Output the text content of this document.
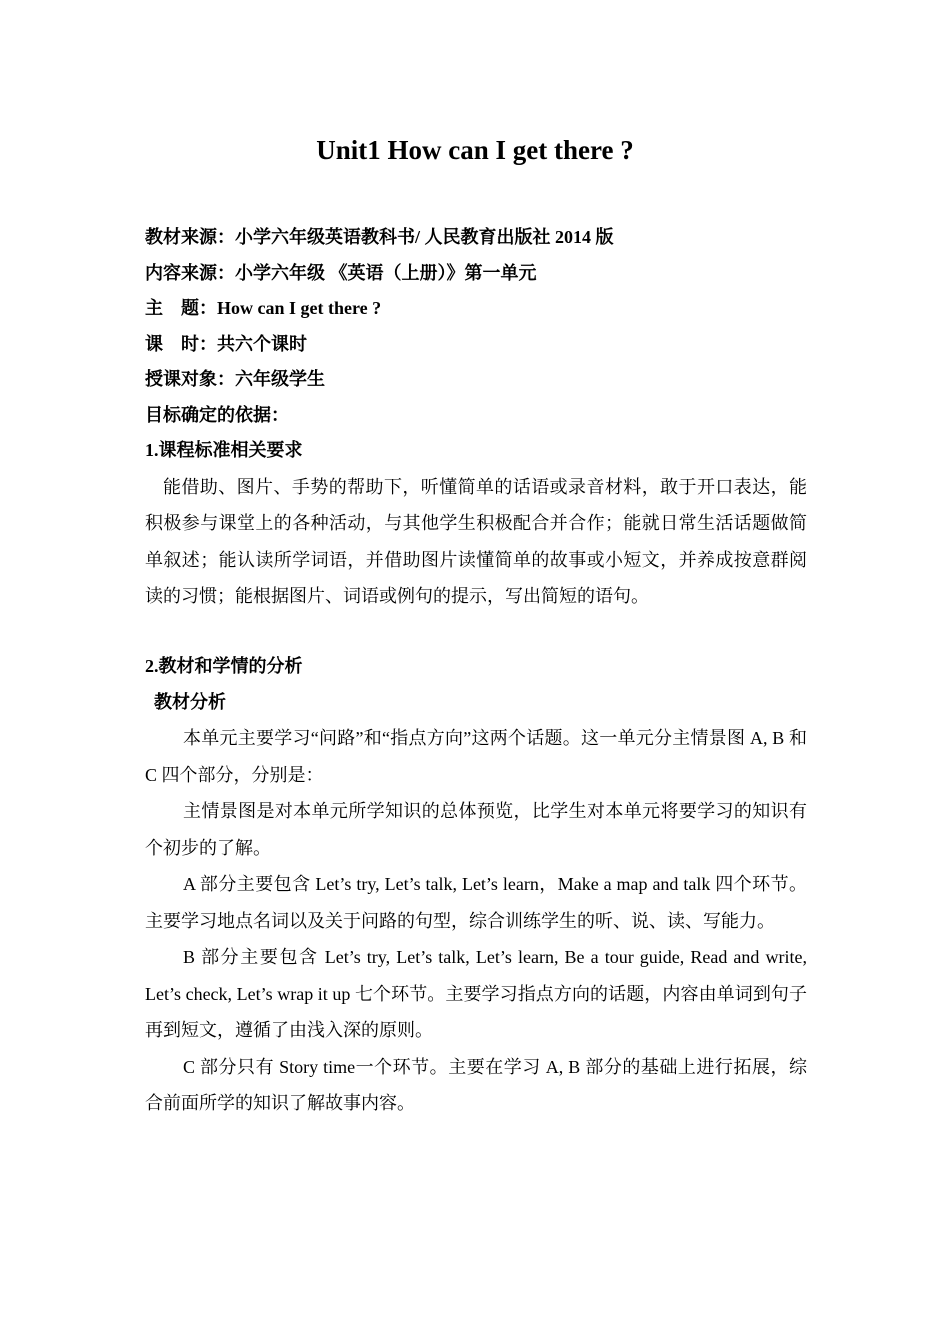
Unit1 How can I get there ?
教材来源：小学六年级英语教科书/ 人民教育出版社 2014 版
内容来源：小学六年级 《英语（上册）》第一单元
主　题：How can I get there ?
课　时：共六个课时
授课对象：六年级学生
目标确定的依据：
1.课程标准相关要求

能借助、图片、手势的帮助下，听懂简单的话语或录音材料，敢于开口表达，能积极参与课堂上的各种活动，与其他学生积极配合并合作；能就日常生活话题做简单叙述；能认读所学词语，并借助图片读懂简单的故事或小短文，并养成按意群阅读的习惯；能根据图片、词语或例句的提示，写出简短的语句。

2.教材和学情的分析
教材分析

本单元主要学习“问路”和“指点方向”这两个话题。这一单元分主情景图 A, B 和 C 四个部分，分别是：

主情景图是对本单元所学知识的总体预览，比学生对本单元将要学习的知识有个初步的了解。

A 部分主要包含 Let’s try, Let’s talk, Let’s learn，Make a map and talk 四个环节。主要学习地点名词以及关于问路的句型，综合训练学生的听、说、读、写能力。

B 部分主要包含 Let’s try, Let’s talk, Let’s learn, Be a tour guide, Read and write, Let’s check, Let’s wrap it up 七个环节。主要学习指点方向的话题，内容由单词到句子再到短文，遵循了由浅入深的原则。

C 部分只有 Story time一个环节。主要在学习 A, B 部分的基础上进行拓展，综合前面所学的知识了解故事内容。
